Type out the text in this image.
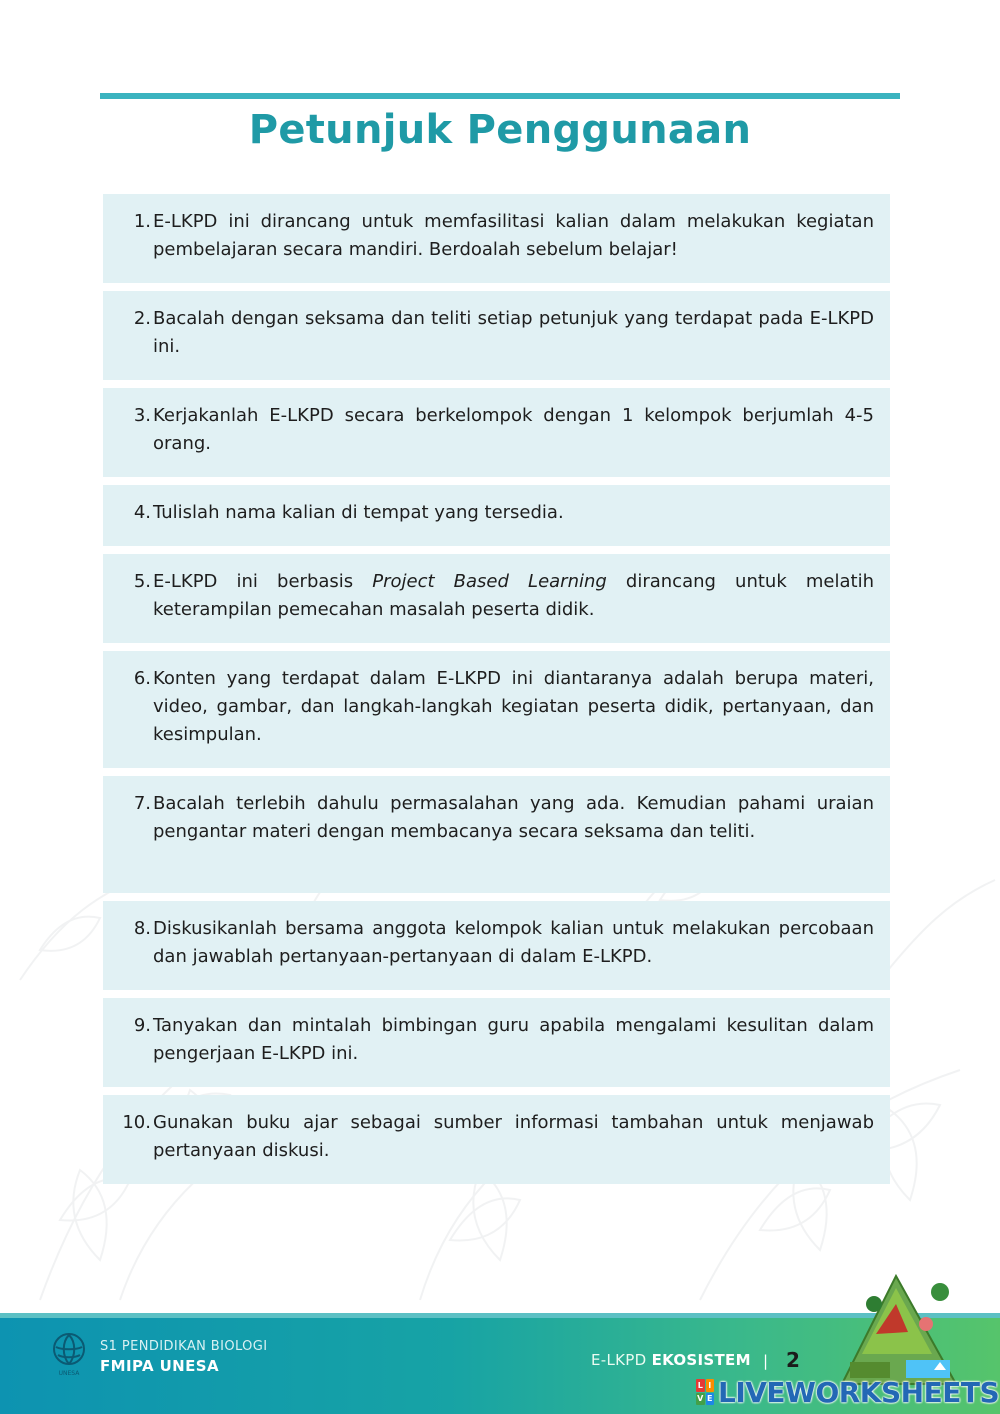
Petunjuk Penggunaan
1. E-LKPD ini dirancang untuk memfasilitasi kalian dalam melakukan kegiatan pembelajaran secara mandiri. Berdoalah sebelum belajar!
2. Bacalah dengan seksama dan teliti setiap petunjuk yang terdapat pada E-LKPD ini.
3. Kerjakanlah E-LKPD secara berkelompok dengan 1 kelompok berjumlah 4-5 orang.
4. Tulislah nama kalian di tempat yang tersedia.
5. E-LKPD ini berbasis Project Based Learning dirancang untuk melatih keterampilan pemecahan masalah peserta didik.
6. Konten yang terdapat dalam E-LKPD ini diantaranya adalah berupa materi, video, gambar, dan langkah-langkah kegiatan peserta didik, pertanyaan, dan kesimpulan.
7. Bacalah terlebih dahulu permasalahan yang ada. Kemudian pahami uraian pengantar materi dengan membacanya secara seksama dan teliti.
8. Diskusikanlah bersama anggota kelompok kalian untuk melakukan percobaan dan jawablah pertanyaan-pertanyaan di dalam E-LKPD.
9. Tanyakan dan mintalah bimbingan guru apabila mengalami kesulitan dalam pengerjaan E-LKPD ini.
10. Gunakan buku ajar sebagai sumber informasi tambahan untuk menjawab pertanyaan diskusi.
UNESA
S1 PENDIDIKAN BIOLOGI
FMIPA UNESA	E-LKPD EKOSISTEM | 2
L I
V E LIVEWORKSHEETS
